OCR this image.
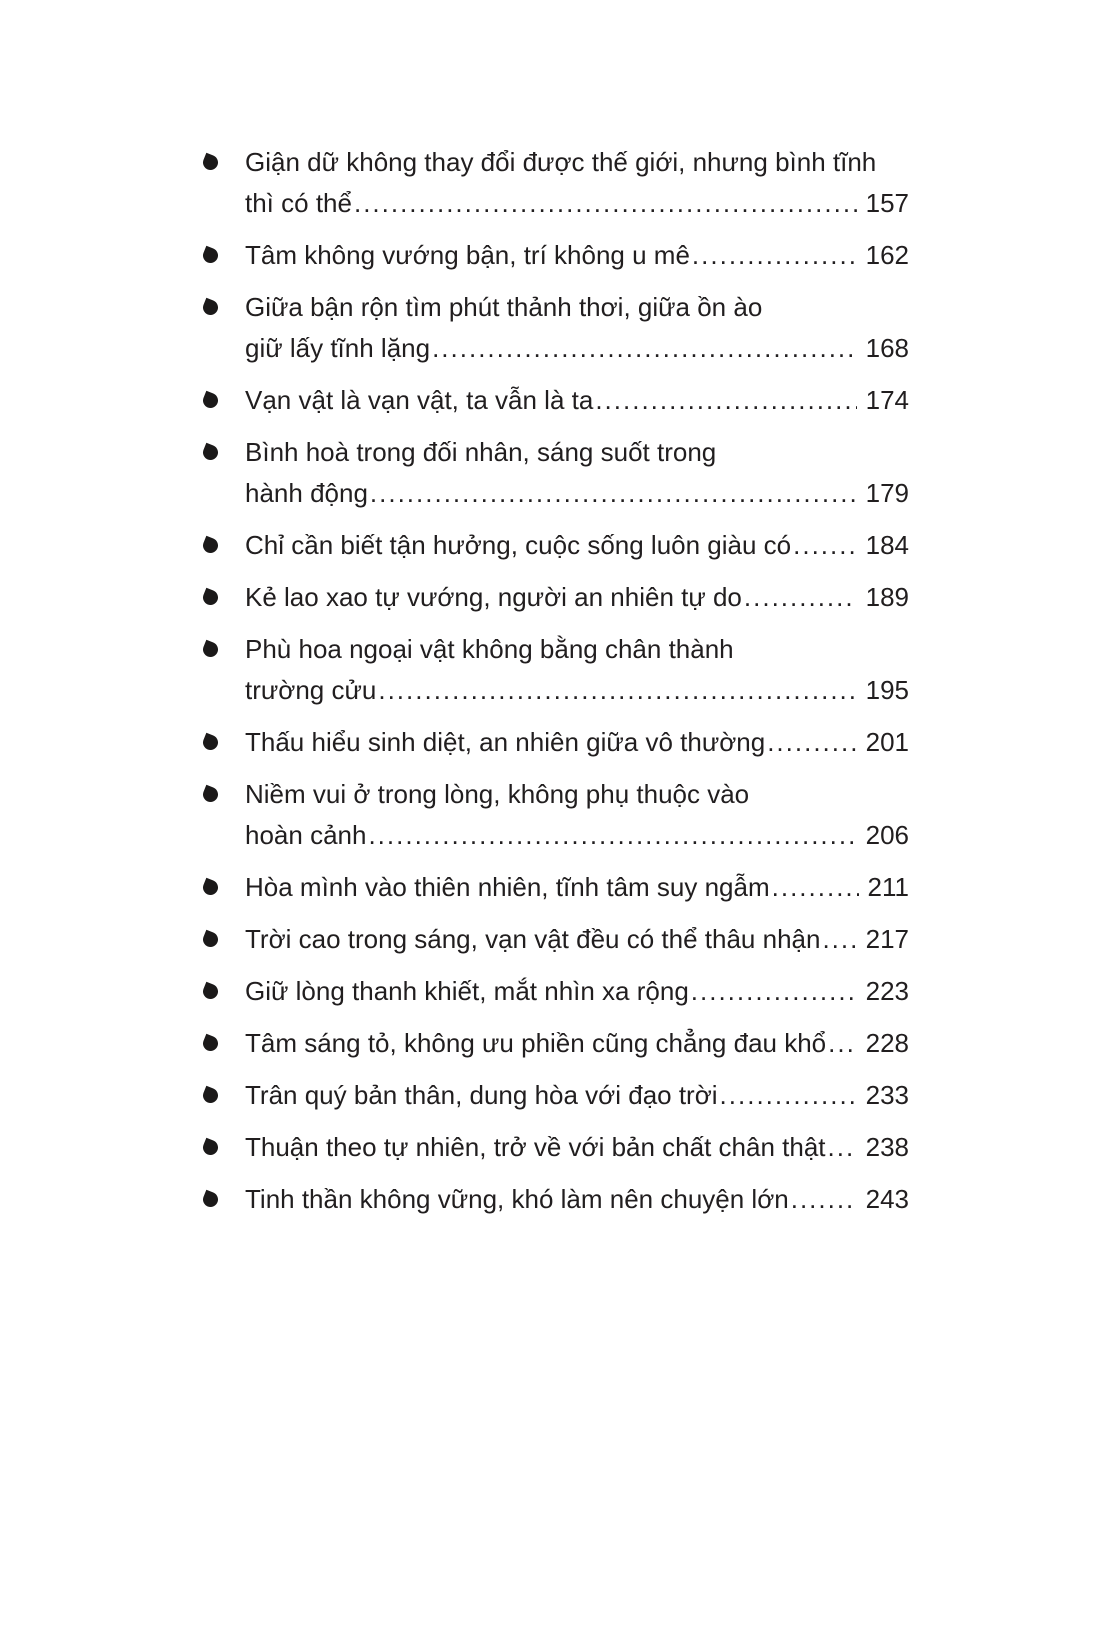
Giận dữ không thay đổi được thế giới, nhưng bình tĩnh
thì có thể .....	157
Tâm không vướng bận, trí không u mê .....	162
Giữa bận rộn tìm phút thảnh thơi, giữa ồn ào
giữ lấy tĩnh lặng .....	168
Vạn vật là vạn vật, ta vẫn là ta .....	174
Bình hoà trong đối nhân, sáng suốt trong
hành động .....	179
Chỉ cần biết tận hưởng, cuộc sống luôn giàu có .....	184
Kẻ lao xao tự vướng, người an nhiên tự do .....	189
Phù hoa ngoại vật không bằng chân thành
trường cửu .....	195
Thấu hiểu sinh diệt, an nhiên giữa vô thường .....	201
Niềm vui ở trong lòng, không phụ thuộc vào
hoàn cảnh .....	206
Hòa mình vào thiên nhiên, tĩnh tâm suy ngẫm .....	211
Trời cao trong sáng, vạn vật đều có thể thâu nhận ..... 217
Giữ lòng thanh khiết, mắt nhìn xa rộng .....	223
Tâm sáng tỏ, không ưu phiền cũng chẳng đau khổ ..... 228
Trân quý bản thân, dung hòa với đạo trời .....	233
Thuận theo tự nhiên, trở về với bản chất chân thật ..... 238
Tinh thần không vững, khó làm nên chuyện lớn .....	243
